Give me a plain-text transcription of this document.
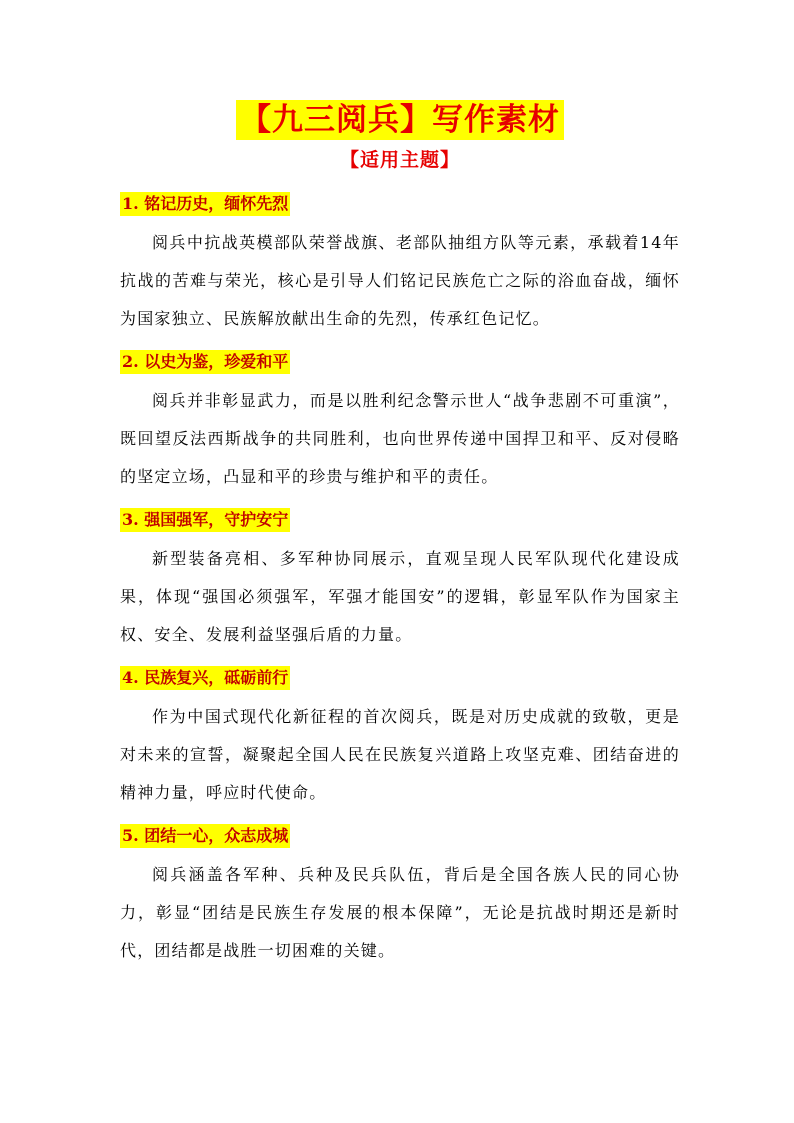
【九三阅兵】写作素材
【适用主题】
1. 铭记历史，缅怀先烈

阅兵中抗战英模部队荣誉战旗、老部队抽组方队等元素，承载着14年抗战的苦难与荣光，核心是引导人们铭记民族危亡之际的浴血奋战，缅怀为国家独立、民族解放献出生命的先烈，传承红色记忆。

2. 以史为鉴，珍爱和平

阅兵并非彰显武力，而是以胜利纪念警示世人“战争悲剧不可重演”，既回望反法西斯战争的共同胜利，也向世界传递中国捍卫和平、反对侵略的坚定立场，凸显和平的珍贵与维护和平的责任。

3. 强国强军，守护安宁

新型装备亮相、多军种协同展示，直观呈现人民军队现代化建设成果，体现“强国必须强军，军强才能国安”的逻辑，彰显军队作为国家主权、安全、发展利益坚强后盾的力量。

4. 民族复兴，砥砺前行

作为中国式现代化新征程的首次阅兵，既是对历史成就的致敬，更是对未来的宣誓，凝聚起全国人民在民族复兴道路上攻坚克难、团结奋进的精神力量，呼应时代使命。

5. 团结一心，众志成城

阅兵涵盖各军种、兵种及民兵队伍，背后是全国各族人民的同心协力，彰显“团结是民族生存发展的根本保障”，无论是抗战时期还是新时代，团结都是战胜一切困难的关键。
